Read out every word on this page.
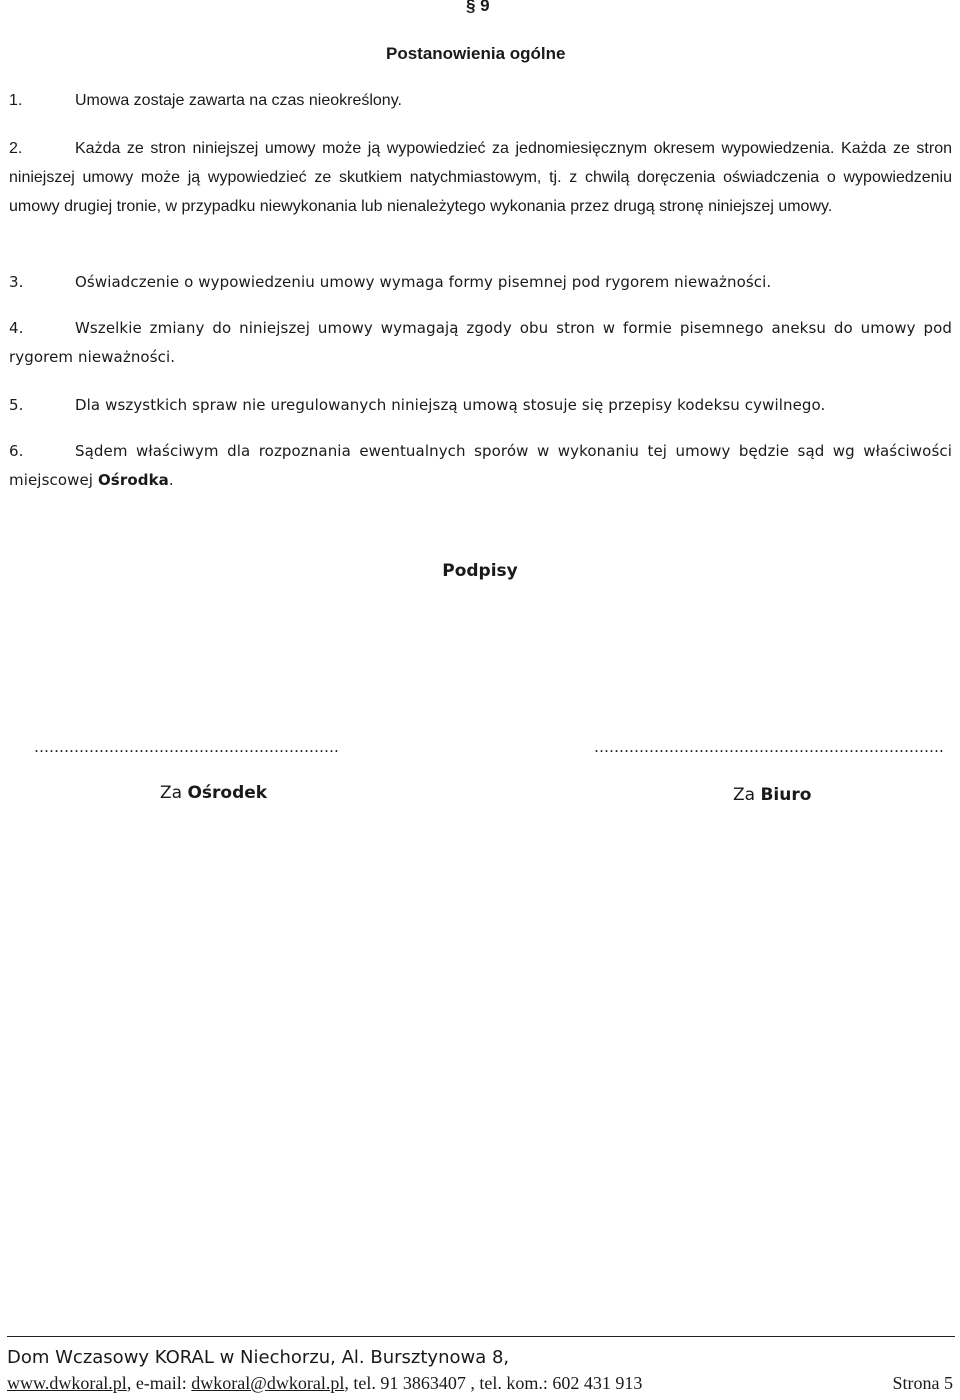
§ 9
Postanowienia ogólne
1.	Umowa zostaje zawarta na czas nieokreślony.
2.	Każda ze stron niniejszej umowy może ją wypowiedzieć za jednomiesięcznym okresem wypowiedzenia. Każda ze stron niniejszej umowy może ją wypowiedzieć ze skutkiem natychmiastowym, tj. z chwilą doręczenia oświadczenia o wypowiedzeniu umowy drugiej tronie, w przypadku niewykonania lub nienależytego wykonania przez drugą stronę niniejszej umowy.
3.	Oświadczenie o wypowiedzeniu umowy wymaga formy pisemnej pod rygorem nieważności.
4.	Wszelkie zmiany do niniejszej umowy wymagają zgody obu stron w formie pisemnego aneksu do umowy pod rygorem nieważności.
5.	Dla wszystkich spraw nie uregulowanych niniejszą umową stosuje się przepisy kodeksu cywilnego.
6.	Sądem właściwym dla rozpoznania ewentualnych sporów w wykonaniu tej umowy będzie sąd wg właściwości miejscowej Ośrodka.
Podpisy
…………………………………………………….	…………………………………………………………….
Za Ośrodek	Za Biuro
Dom Wczasowy KORAL w Niechorzu, Al. Bursztynowa 8,
www.dwkoral.pl, e-mail: dwkoral@dwkoral.pl, tel. 91 3863407 , tel. kom.: 602 431 913	Strona 5
